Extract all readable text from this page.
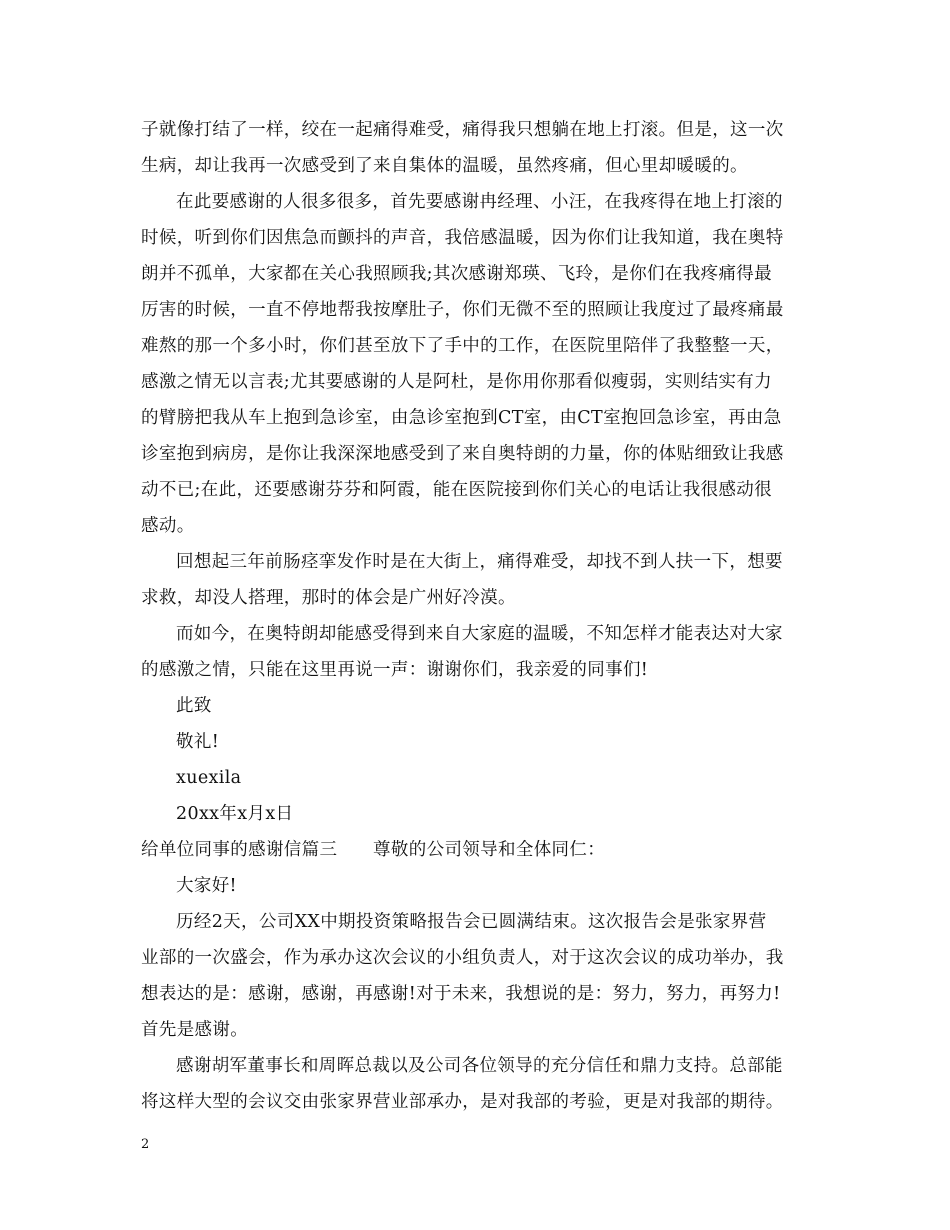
子就像打结了一样，绞在一起痛得难受，痛得我只想躺在地上打滚。但是，这一次
生病，却让我再一次感受到了来自集体的温暖，虽然疼痛，但心里却暖暖的。
在此要感谢的人很多很多，首先要感谢冉经理、小汪，在我疼得在地上打滚的
时候，听到你们因焦急而颤抖的声音，我倍感温暖，因为你们让我知道，我在奥特
朗并不孤单，大家都在关心我照顾我;其次感谢郑瑛、飞玲，是你们在我疼痛得最
厉害的时候，一直不停地帮我按摩肚子，你们无微不至的照顾让我度过了最疼痛最
难熬的那一个多小时，你们甚至放下了手中的工作，在医院里陪伴了我整整一天，
感激之情无以言表;尤其要感谢的人是阿杜，是你用你那看似瘦弱，实则结实有力
的臂膀把我从车上抱到急诊室，由急诊室抱到CT室，由CT室抱回急诊室，再由急
诊室抱到病房，是你让我深深地感受到了来自奥特朗的力量，你的体贴细致让我感
动不已;在此，还要感谢芬芬和阿霞，能在医院接到你们关心的电话让我很感动很
感动。
回想起三年前肠痉挛发作时是在大街上，痛得难受，却找不到人扶一下，想要
求救，却没人搭理，那时的体会是广州好冷漠。
而如今，在奥特朗却能感受得到来自大家庭的温暖，不知怎样才能表达对大家
的感激之情，只能在这里再说一声：谢谢你们，我亲爱的同事们!
此致
敬礼!
xuexila
20xx年x月x日
给单位同事的感谢信篇三　　尊敬的公司领导和全体同仁：
大家好!
历经2天，公司XX中期投资策略报告会已圆满结束。这次报告会是张家界营
业部的一次盛会，作为承办这次会议的小组负责人，对于这次会议的成功举办，我
想表达的是：感谢，感谢，再感谢!对于未来，我想说的是：努力，努力，再努力!
首先是感谢。
感谢胡军董事长和周晖总裁以及公司各位领导的充分信任和鼎力支持。总部能
将这样大型的会议交由张家界营业部承办，是对我部的考验，更是对我部的期待。
2
